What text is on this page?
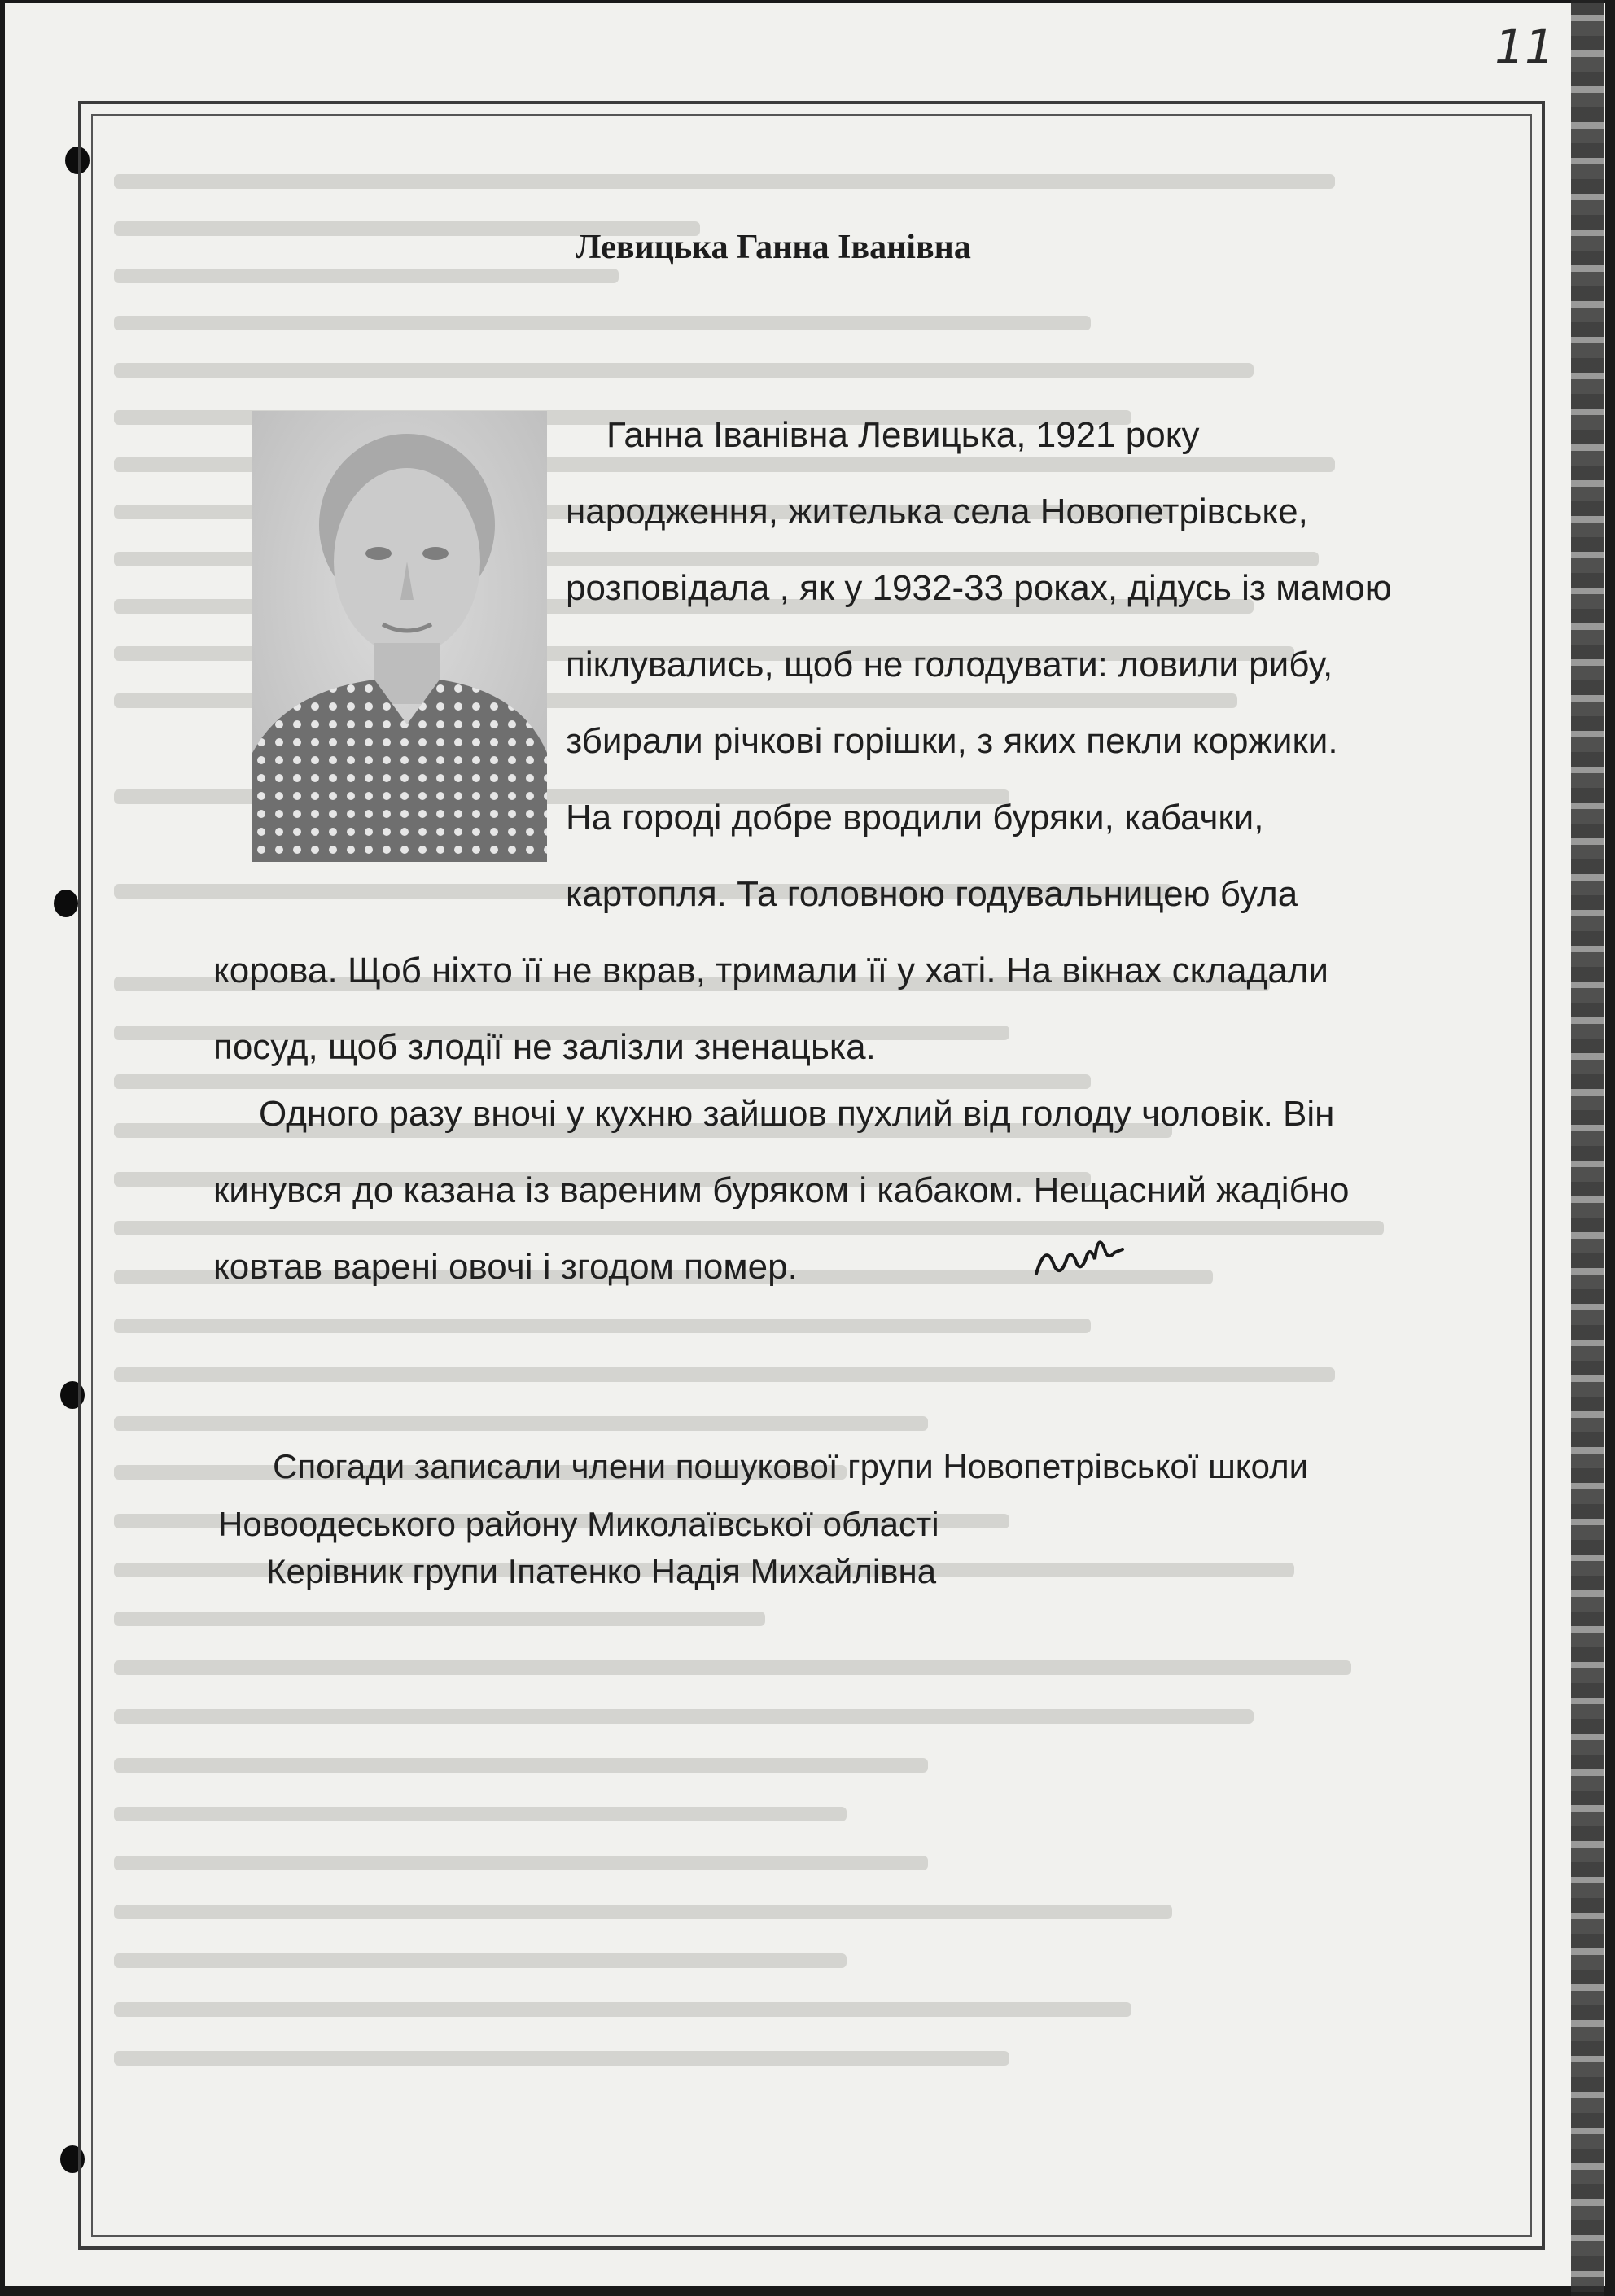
11
Левицька Ганна Іванівна
Ганна Іванівна Левицька, 1921 року
народження, жителька села Новопетрівське,
розповідала , як у 1932-33 роках, дідусь із мамою
піклувались, щоб не голодувати: ловили рибу,
збирали річкові горішки, з яких пекли коржики.
На городі добре вродили буряки, кабачки,
картопля. Та головною годувальницею була
корова. Щоб ніхто її не вкрав, тримали її у хаті. На вікнах складали
посуд, щоб злодії не залізли зненацька.
Одного разу вночі у кухню зайшов пухлий від голоду чоловік. Він
кинувся до казана із вареним буряком і кабаком. Нещасний жадібно
ковтав варені овочі і згодом помер.
Спогади записали члени пошукової групи Новопетрівської школи
Новоодеського району Миколаївської області
Керівник групи Іпатенко Надія Михайлівна
